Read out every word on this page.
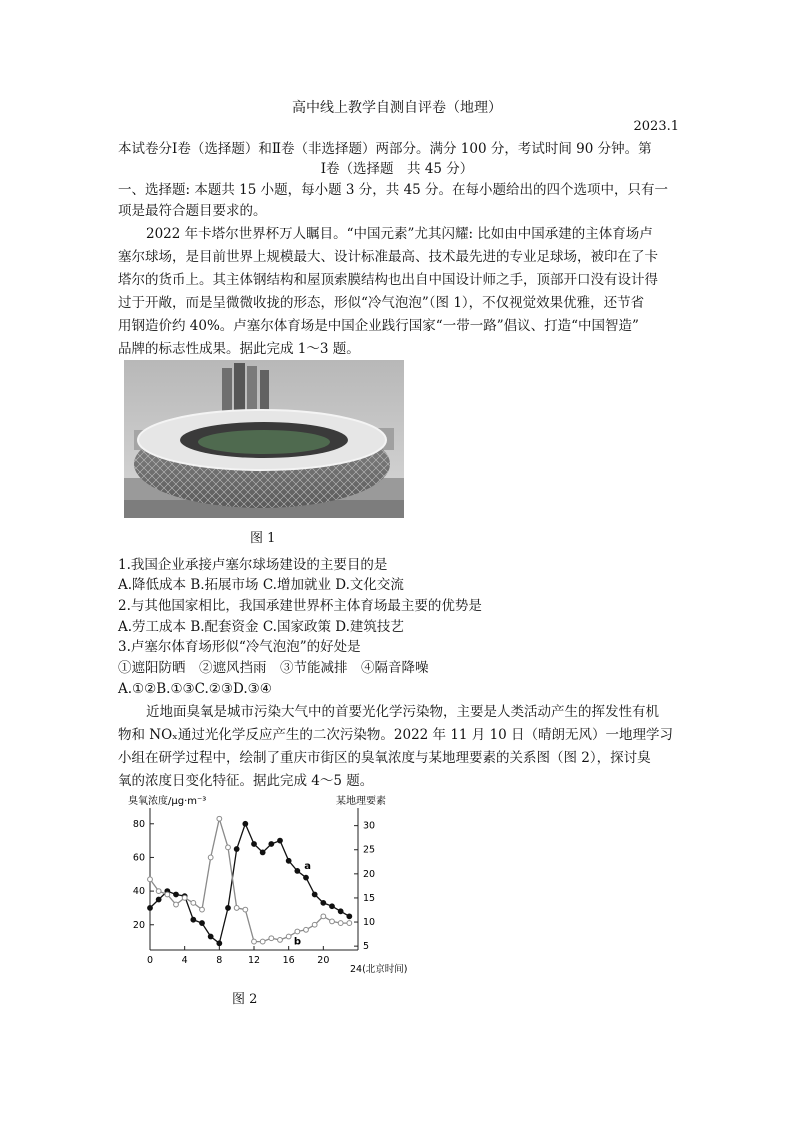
高中线上教学自测自评卷（地理）
2023.1
本试卷分Ⅰ卷（选择题）和Ⅱ卷（非选择题）两部分。满分 100 分，考试时间 90 分钟。第
Ⅰ卷（选择题　共 45 分）
一、选择题: 本题共 15 小题，每小题 3 分，共 45 分。在每小题给出的四个选项中，只有一
项是最符合题目要求的。
2022 年卡塔尔世界杯万人瞩目。“中国元素”尤其闪耀: 比如由中国承建的主体育场卢
塞尔球场，是目前世界上规模最大、设计标准最高、技术最先进的专业足球场，被印在了卡
塔尔的货币上。其主体钢结构和屋顶索膜结构也出自中国设计师之手，顶部开口没有设计得
过于开敞，而是呈微微收拢的形态，形似“冷气泡泡”（图 1），不仅视觉效果优雅，还节省
用钢造价约 40%。卢塞尔体育场是中国企业践行国家“一带一路”倡议、打造“中国智造”
品牌的标志性成果。据此完成 1～3 题。
图 1
1.我国企业承接卢塞尔球场建设的主要目的是
A.降低成本 B.拓展市场 C.增加就业 D.文化交流
2.与其他国家相比，我国承建世界杯主体育场最主要的优势是
A.劳工成本 B.配套资金 C.国家政策 D.建筑技艺
3.卢塞尔体育场形似“冷气泡泡”的好处是
①遮阳防晒　②遮风挡雨　③节能减排　④隔音降噪
A.①②B.①③C.②③D.③④
近地面臭氧是城市污染大气中的首要光化学污染物，主要是人类活动产生的挥发性有机
物和 NOₓ通过光化学反应产生的二次污染物。2022 年 11 月 10 日（晴朗无风）一地理学习
小组在研学过程中，绘制了重庆市街区的臭氧浓度与某地理要素的关系图（图 2），探讨臭
氧的浓度日变化特征。据此完成 4～5 题。
臭氧浓度/μg·m⁻³	某地理要素
24(北京时间)
0	4	8	12 16 20
20
40
60
80
5
10
15
20
25
30
a
b
图 2
